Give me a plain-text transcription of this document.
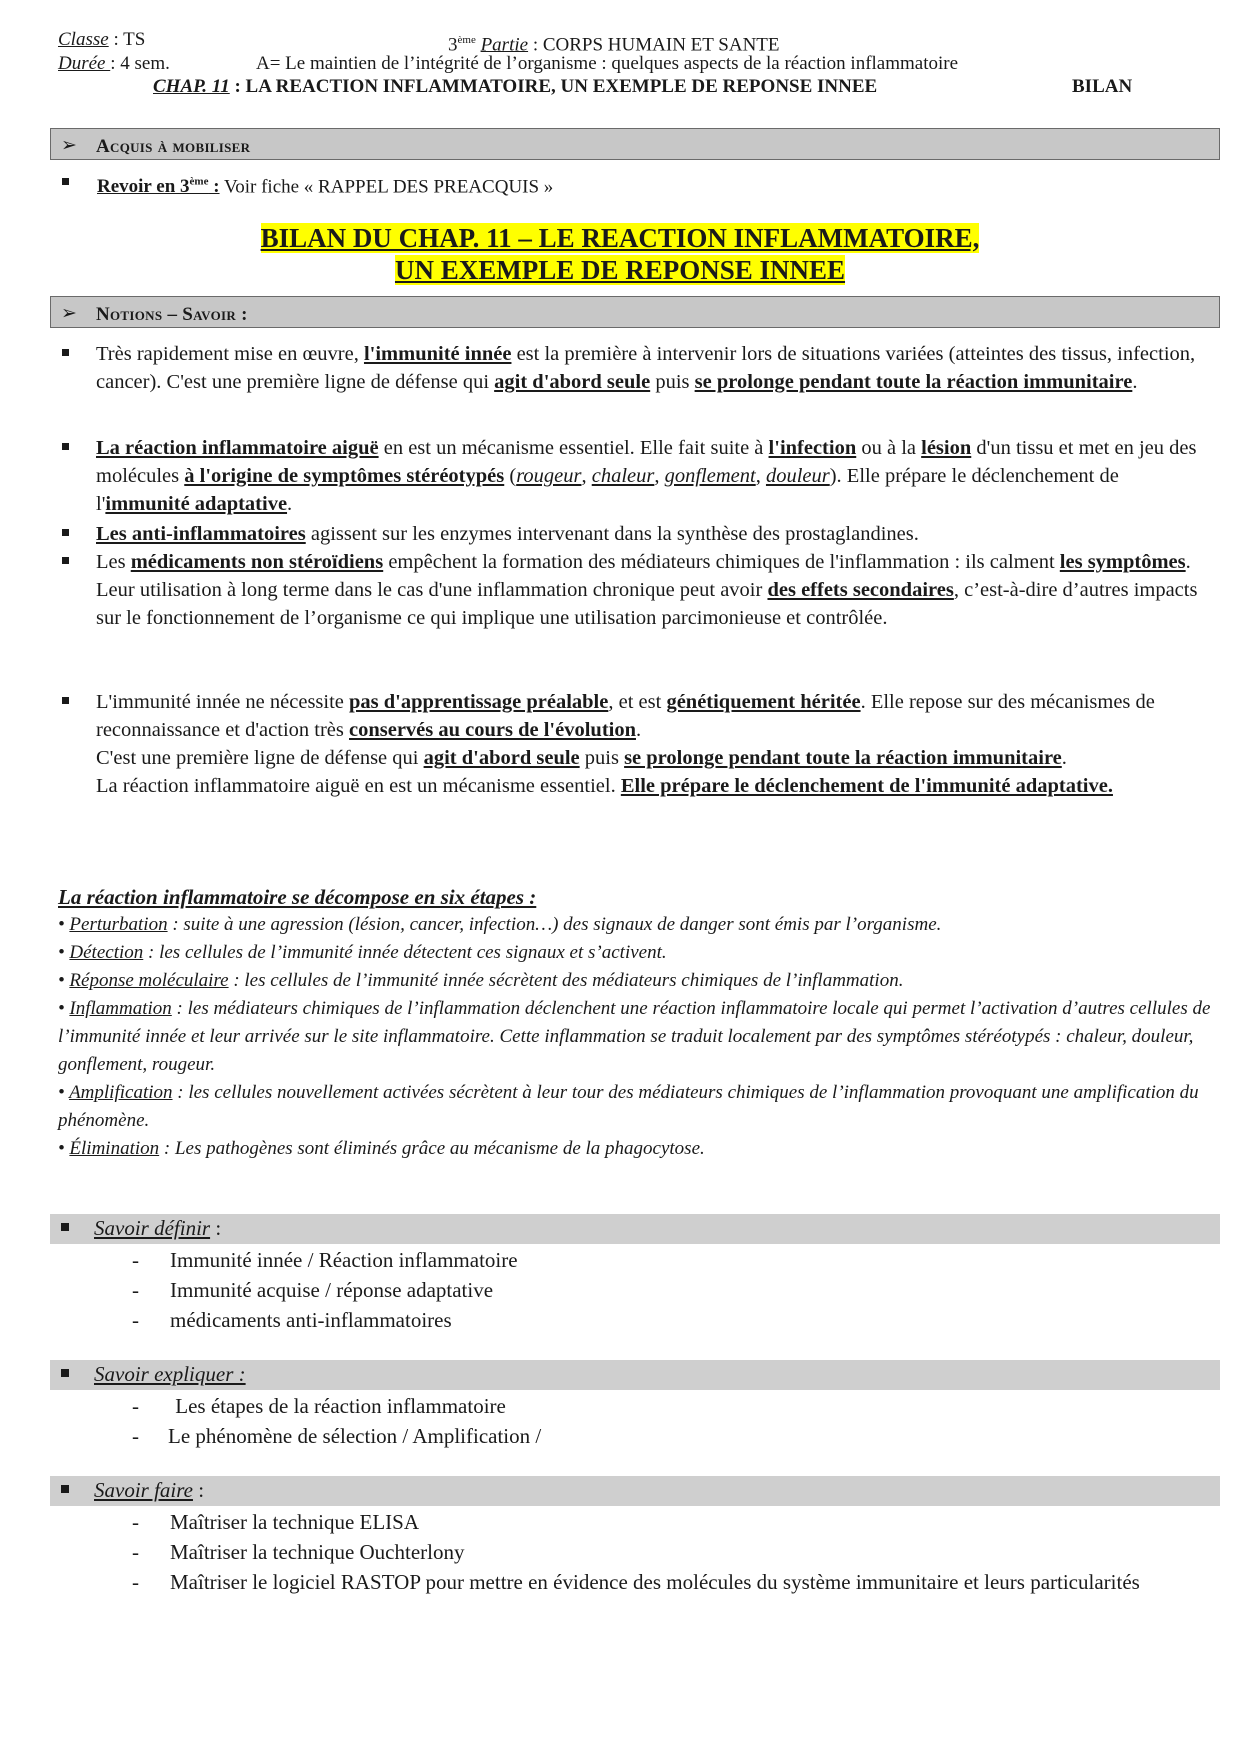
Classe : TS
Durée : 4 sem.
3ème Partie : CORPS HUMAIN ET SANTE
A= Le maintien de l’intégrité de l’organisme : quelques aspects de la réaction inflammatoire
CHAP. 11 : LA REACTION INFLAMMATOIRE, UN EXEMPLE DE REPONSE INNEE	BILAN
➢ Acquis à mobiliser
Revoir en 3ème : Voir fiche « RAPPEL DES PREACQUIS »
BILAN DU CHAP. 11 – LE REACTION INFLAMMATOIRE,
UN EXEMPLE DE REPONSE INNEE
➢ Notions – Savoir :

Très rapidement mise en œuvre, l'immunité innée est la première à intervenir lors de situations variées (atteintes des tissus, infection, cancer). C'est une première ligne de défense qui agit d'abord seule puis se prolonge pendant toute la réaction immunitaire.

La réaction inflammatoire aiguë en est un mécanisme essentiel. Elle fait suite à l'infection ou à la lésion d'un tissu et met en jeu des molécules à l'origine de symptômes stéréotypés (rougeur, chaleur, gonflement, douleur). Elle prépare le déclenchement de l'immunité adaptative.

Les anti-inflammatoires agissent sur les enzymes intervenant dans la synthèse des prostaglandines.

Les médicaments non stéroïdiens empêchent la formation des médiateurs chimiques de l'inflammation : ils calment les symptômes.

Leur utilisation à long terme dans le cas d'une inflammation chronique peut avoir des effets secondaires, c’est-à-dire d’autres impacts sur le fonctionnement de l’organisme ce qui implique une utilisation parcimonieuse et contrôlée.

L'immunité innée ne nécessite pas d'apprentissage préalable, et est génétiquement héritée. Elle repose sur des mécanismes de reconnaissance et d'action très conservés au cours de l'évolution.

C'est une première ligne de défense qui agit d'abord seule puis se prolonge pendant toute la réaction immunitaire.

La réaction inflammatoire aiguë en est un mécanisme essentiel. Elle prépare le déclenchement de l'immunité adaptative.

La réaction inflammatoire se décompose en six étapes :

• Perturbation : suite à une agression (lésion, cancer, infection…) des signaux de danger sont émis par l’organisme.

• Détection : les cellules de l’immunité innée détectent ces signaux et s’activent.

• Réponse moléculaire : les cellules de l’immunité innée sécrètent des médiateurs chimiques de l’inflammation.

• Inflammation : les médiateurs chimiques de l’inflammation déclenchent une réaction inflammatoire locale qui permet l’activation d’autres cellules de l’immunité innée et leur arrivée sur le site inflammatoire. Cette inflammation se traduit localement par des symptômes stéréotypés : chaleur, douleur, gonflement, rougeur.

• Amplification : les cellules nouvellement activées sécrètent à leur tour des médiateurs chimiques de l’inflammation provoquant une amplification du phénomène.

• Élimination : Les pathogènes sont éliminés grâce au mécanisme de la phagocytose.

Savoir définir :
- Immunité innée / Réaction inflammatoire
- Immunité acquise / réponse adaptative
- médicaments anti-inflammatoires
Savoir expliquer :
- Les étapes de la réaction inflammatoire
- Le phénomène de sélection / Amplification /
Savoir faire :
- Maîtriser la technique ELISA
- Maîtriser la technique Ouchterlony
- Maîtriser le logiciel RASTOP pour mettre en évidence des molécules du système immunitaire et leurs particularités
